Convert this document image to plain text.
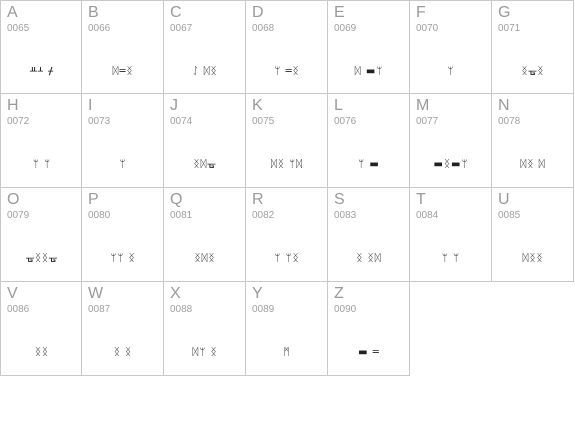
A
0065
ᚇᚆ ᚋ
B
0066
ᛞ═ᛝ
C
0067
ᛇ ᛞᛝ
D
0068
ᛘ ═ᛝ
E
0069
ᛞ ▬ᛘ
F
0070
ᛘ
G
0071
ᛝᚗᛝ
H
0072
ᛘ ᛘ
I
0073
ᛘ
J
0074
ᛝᛞᚗ
K
0075
ᛞᛝ ᛘᛞ
L
0076
ᛘ ▬
M
0077
▬ᛝ▬ᛘ
N
0078
ᛞᛝ ᛞ
O
0079
ᚗᛝᛝᚗ
P
0080
ᛘᛘ ᛝ
Q
0081
ᛝᛞᛝ
R
0082
ᛘ ᛘᛝ
S
0083
ᛝ ᛝᛞ
T
0084
ᛘ ᛘ
U
0085
ᛞᛝᛝ
V
0086
ᛝᛝ
W
0087
ᛝ ᛝ
X
0088
ᛞᛘ ᛝ
Y
0089
ᛗ
Z
0090
▬ ═
